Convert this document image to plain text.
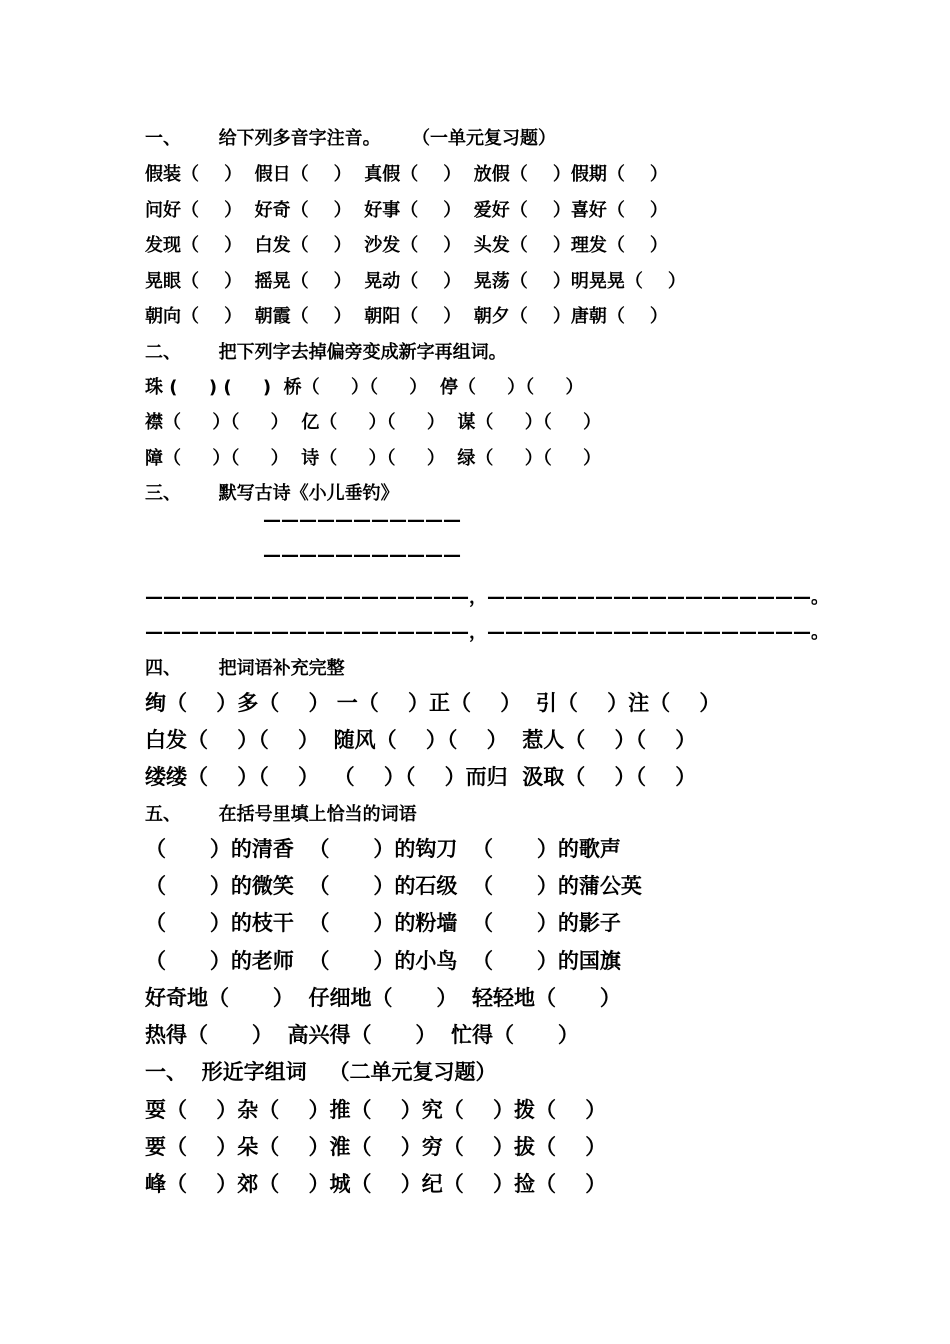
一、 给下列多音字注音。 （一单元复习题）
假装（    ）  假日（    ）  真假（    ）  放假（    ）假期（    ）
问好（    ）  好奇（    ）  好事（    ）  爱好（    ）喜好（    ）
发现（    ）  白发（    ）  沙发（    ）  头发（    ）理发（    ）
晃眼（    ）  摇晃（    ）  晃动（    ）  晃荡（    ）明晃晃（    ）
朝向（    ）  朝霞（    ）  朝阳（    ）  朝夕（    ）唐朝（    ）
二、 把下列字去掉偏旁变成新字再组词。
珠 (     ) (     )  桥（     ）（     ）  停（     ）（     ）
襟（     ）（     ）  亿（     ）（     ）  谋（     ）（     ）
障（     ）（     ）  诗（     ）（     ）  绿（     ）（     ）
三、 默写古诗《小儿垂钓》
———————————
———————————
——————————————————，——————————————————。
——————————————————，——————————————————。
四、 把词语补充完整
绚（    ）多（    ） 一（    ）正（    ）  引（    ）注（    ）
白发（    ）（    ）  随风（    ）（    ）  惹人（    ）（    ）
缕缕（    ）（    ）  （    ）（    ）而归  汲取（    ）（    ）
五、 在括号里填上恰当的词语
（      ）的清香  （      ）的钩刀  （      ）的歌声
（      ）的微笑  （      ）的石级  （      ）的蒲公英
（      ）的枝干  （      ）的粉墙  （      ）的影子
（      ）的老师  （      ）的小鸟  （      ）的国旗
好奇地（      ）  仔细地（      ）  轻轻地（      ）
热得（      ）  高兴得（      ）  忙得（      ）
一、 形近字组词 （二单元复习题）
耍（    ）杂（    ）推（    ）究（    ）拨（    ）
要（    ）朵（    ）淮（    ）穷（    ）拔（    ）
峰（    ）郊（    ）城（    ）纪（    ）捡（    ）
